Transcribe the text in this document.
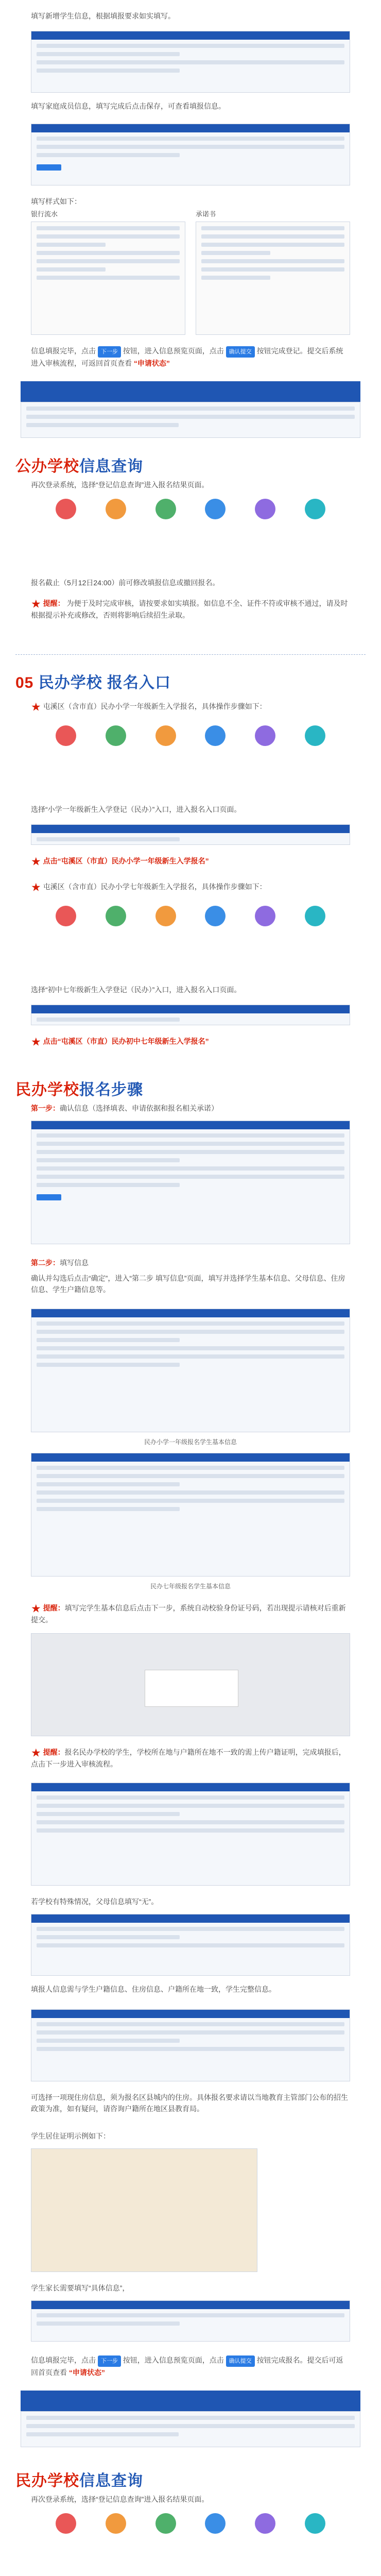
填写新增学生信息，根据填报要求如实填写。

填写家庭成员信息，填写完成后点击保存，可查看填报信息。

填写样式如下：

银行流水	承诺书

信息填报完毕，点击 下一步 按钮，进入信息预览页面，点击 确认提交 按钮完成登记。提交后系统进入审核流程，可返回首页查看 “申请状态”

公办学校信息查询

再次登录系统，选择“登记信息查询”进入报名结果页面。

报名截止（5月12日24:00）前可修改填报信息或撤回报名。

★ 提醒： 为便于及时完成审核，请按要求如实填报。如信息不全、证件不符或审核不通过，请及时根据提示补充或修改，否则将影响后续招生录取。

05 民办学校 报名入口

★ 屯溪区（含市直）民办小学一年级新生入学报名，具体操作步骤如下：

选择“小学一年级新生入学登记（民办）”入口，进入报名入口页面。

★ 点击“屯溪区（市直）民办小学一年级新生入学报名”

★ 屯溪区（含市直）民办小学七年级新生入学报名，具体操作步骤如下：

选择“初中七年级新生入学登记（民办）”入口，进入报名入口页面。

★ 点击“屯溪区（市直）民办初中七年级新生入学报名”

民办学校报名步骤

第一步：确认信息（选择填表、申请依据和报名相关承诺）

第二步：填写信息

确认并勾选后点击“确定”，进入“第二步 填写信息”页面，填写并选择学生基本信息、父母信息、住房信息、学生户籍信息等。

民办小学一年级报名学生基本信息
民办七年级报名学生基本信息

★ 提醒：填写完学生基本信息后点击下一步，系统自动校验身份证号码，若出现提示请核对后重新提交。

★ 提醒：报名民办学校的学生，学校所在地与户籍所在地不一致的需上传户籍证明，完成填报后，点击下一步进入审核流程。

若学校有特殊情况，父母信息填写“无”。

填报人信息需与学生户籍信息、住房信息、户籍所在地一致，学生完整信息。

可选择一项现住房信息，须为报名区县城内的住房。具体报名要求请以当地教育主管部门公布的招生政策为准，如有疑问，请咨询户籍所在地区县教育局。

学生居住证明示例如下：

学生家长需要填写“具体信息”，

信息填报完毕，点击 下一步 按钮，进入信息预览页面，点击 确认提交 按钮完成报名。提交后可返回首页查看 “申请状态”

民办学校信息查询

再次登录系统，选择“登记信息查询”进入报名结果页面。
